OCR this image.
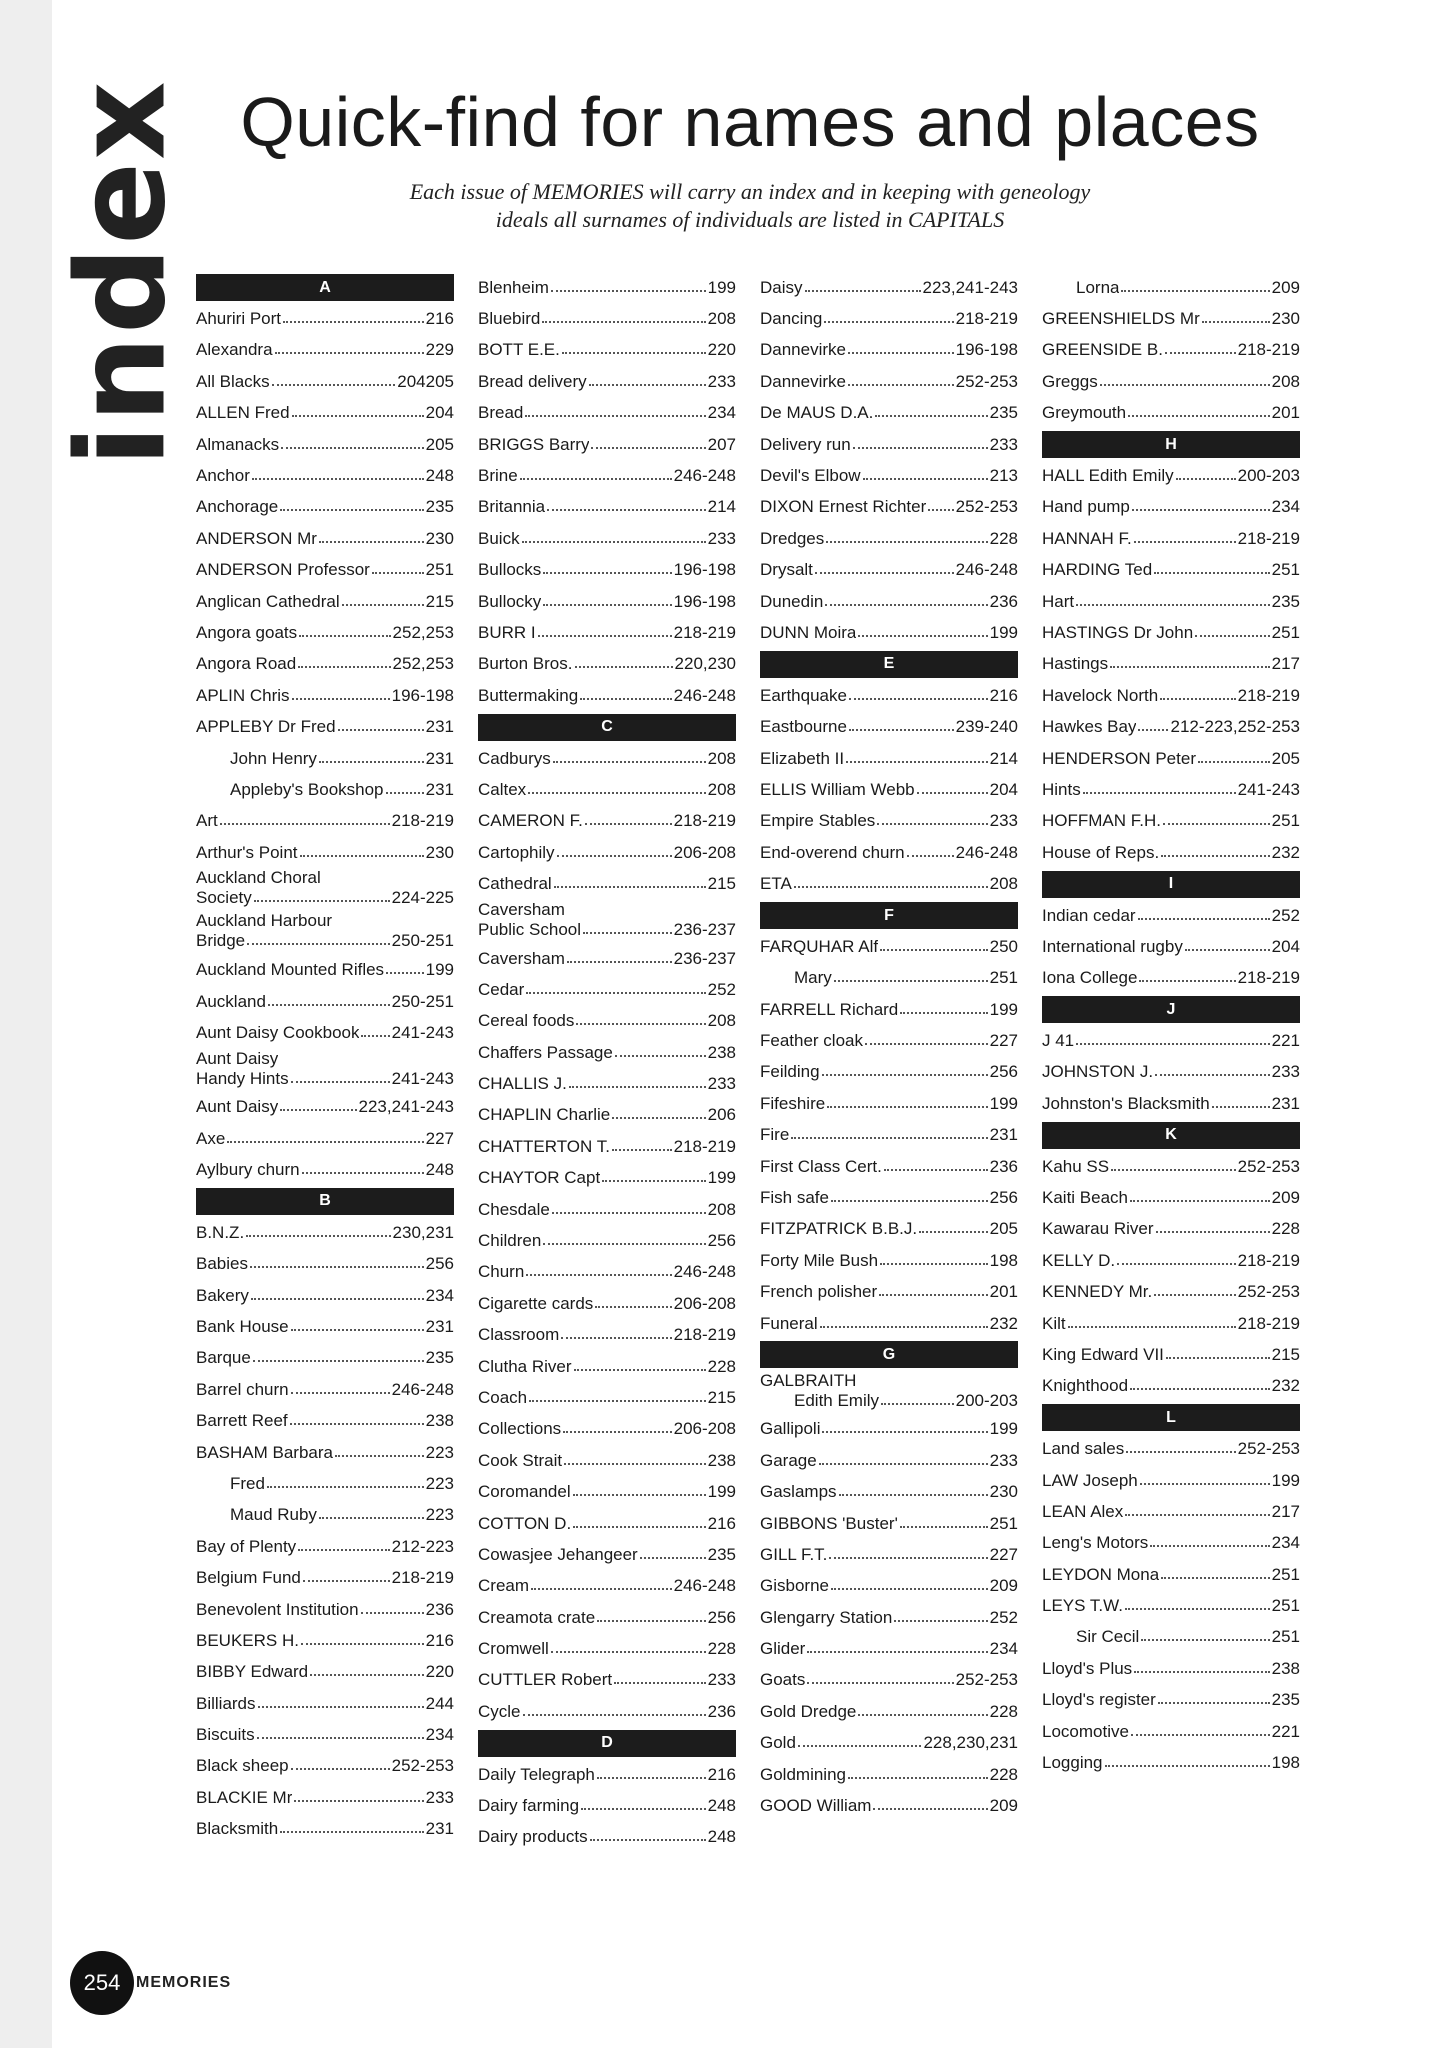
index Quick-find for names and places

Each issue of MEMORIES will carry an index and in keeping with geneology

ideals all surnames of individuals are listed in CAPITALS

A
Ahuriri Port	216
Alexandra	229
All Blacks	204205
ALLEN Fred	204
Almanacks	205
Anchor	248
Anchorage	235
ANDERSON Mr	230
ANDERSON Professor	251
Anglican Cathedral	215
Angora goats	252,253
Angora Road	252,253
APLIN Chris	196-198
APPLEBY Dr Fred	231
John Henry	231
Appleby's Bookshop 231
Art	218-219
Arthur's Point	230
Auckland Choral
Society	224-225
Auckland Harbour
Bridge	250-251
Auckland Mounted Rifles 199
Auckland	250-251
Aunt Daisy Cookbook 241-243
Aunt Daisy
Handy Hints	241-243
Aunt Daisy	223,241-243
Axe	227
Aylbury churn	248
B
B.N.Z.	230,231
Babies	256
Bakery	234
Bank House	231
Barque	235
Barrel churn	246-248
Barrett Reef	238
BASHAM Barbara	223
Fred	223
Maud Ruby	223
Bay of Plenty	212-223
Belgium Fund	218-219
Benevolent Institution	236
BEUKERS H.	216
BIBBY Edward	220
Billiards	244
Biscuits	234
Black sheep	252-253
BLACKIE Mr	233
Blacksmith	231
Blenheim	199
Bluebird	208
BOTT E.E.	220
Bread delivery	233
Bread	234
BRIGGS Barry	207
Brine	246-248
Britannia	214
Buick	233
Bullocks	196-198
Bullocky	196-198
BURR I	218-219
Burton Bros.	220,230
Buttermaking	246-248
C
Cadburys	208
Caltex	208
CAMERON F.	218-219
Cartophily	206-208
Cathedral	215
Caversham
Public School	236-237
Caversham	236-237
Cedar	252
Cereal foods	208
Chaffers Passage	238
CHALLIS J.	233
CHAPLIN Charlie	206
CHATTERTON T.	218-219
CHAYTOR Capt	199
Chesdale	208
Children	256
Churn	246-248
Cigarette cards	206-208
Classroom	218-219
Clutha River	228
Coach	215
Collections	206-208
Cook Strait	238
Coromandel	199
COTTON D.	216
Cowasjee Jehangeer	235
Cream	246-248
Creamota crate	256
Cromwell	228
CUTTLER Robert	233
Cycle	236
D
Daily Telegraph	216
Dairy farming	248
Dairy products	248
Daisy	223,241-243
Dancing	218-219
Dannevirke	196-198
Dannevirke	252-253
De MAUS D.A.	235
Delivery run	233
Devil's Elbow	213
DIXON Ernest Richter 252-253
Dredges	228
Drysalt	246-248
Dunedin	236
DUNN Moira	199
E
Earthquake	216
Eastbourne	239-240
Elizabeth II	214
ELLIS William Webb	204
Empire Stables	233
End-overend churn	246-248
ETA	208
F
FARQUHAR Alf	250
Mary	251
FARRELL Richard	199
Feather cloak	227
Feilding	256
Fifeshire	199
Fire	231
First Class Cert.	236
Fish safe	256
FITZPATRICK B.B.J.	205
Forty Mile Bush	198
French polisher	201
Funeral	232
G
GALBRAITH
Edith Emily	200-203
Gallipoli	199
Garage	233
Gaslamps	230
GIBBONS 'Buster'	251
GILL F.T.	227
Gisborne	209
Glengarry Station	252
Glider	234
Goats	252-253
Gold Dredge	228
Gold	228,230,231
Goldmining	228
GOOD William	209
Lorna	209
GREENSHIELDS Mr	230
GREENSIDE B.	218-219
Greggs	208
Greymouth	201
H
HALL Edith Emily	200-203
Hand pump	234
HANNAH F.	218-219
HARDING Ted	251
Hart	235
HASTINGS Dr John	251
Hastings	217
Havelock North	218-219
Hawkes Bay 212-223,252-253
HENDERSON Peter	205
Hints	241-243
HOFFMAN F.H.	251
House of Reps.	232
I
Indian cedar	252
International rugby	204
Iona College	218-219
J
J 41	221
JOHNSTON J.	233
Johnston's Blacksmith	231
K
Kahu SS	252-253
Kaiti Beach	209
Kawarau River	228
KELLY D.	218-219
KENNEDY Mr.	252-253
Kilt	218-219
King Edward VII	215
Knighthood	232
L
Land sales	252-253
LAW Joseph	199
LEAN Alex	217
Leng's Motors	234
LEYDON Mona	251
LEYS T.W.	251
Sir Cecil	251
Lloyd's Plus	238
Lloyd's register	235
Locomotive	221
Logging	198
254 MEMORIES
